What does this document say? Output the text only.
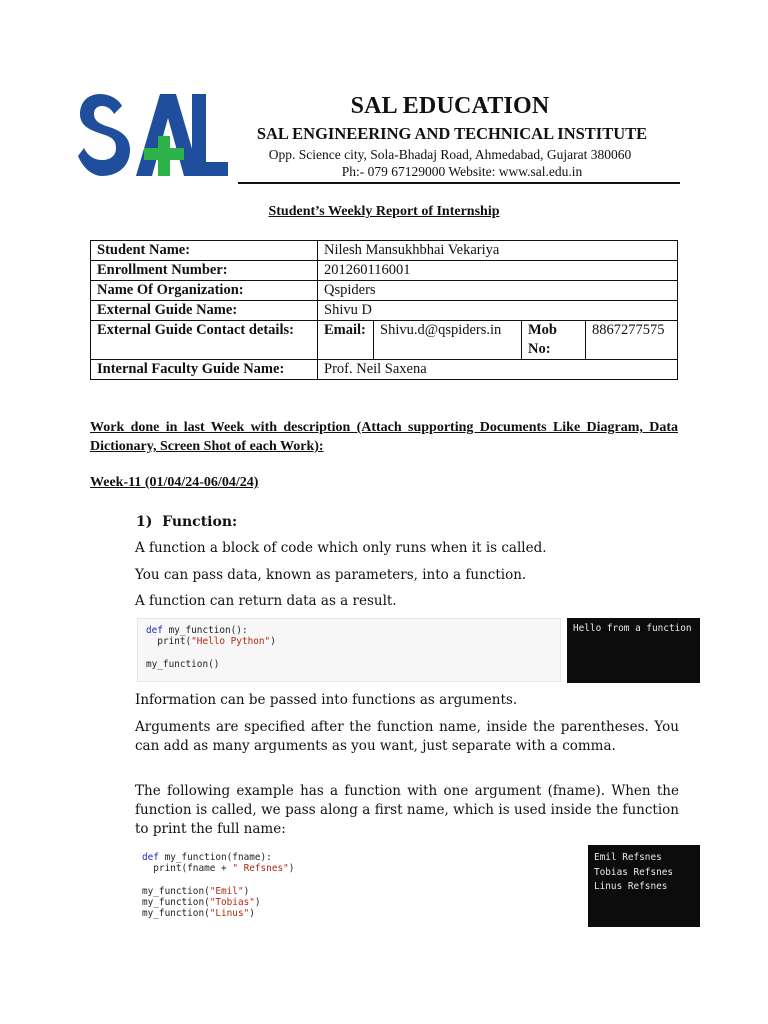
SAL EDUCATION
SAL ENGINEERING AND TECHNICAL INSTITUTE
Opp. Science city, Sola-Bhadaj Road, Ahmedabad, Gujarat 380060
Ph:- 079 67129000 Website: www.sal.edu.in
Student’s Weekly Report of Internship
Student Name:	Nilesh Mansukhbhai Vekariya			
Enrollment Number:	201260116001			
Name Of Organization:	Qspiders			
External Guide Name:	Shivu D			
External Guide Contact details:	Email:	Shivu.d@qspiders.in	Mob No:	8867277575
Internal Faculty Guide Name:	Prof. Neil Saxena			
Work done in last Week with description (Attach supporting Documents Like Diagram, Data Dictionary, Screen Shot of each Work):
Week-11 (01/04/24-06/04/24)
1) Function:
A function a block of code which only runs when it is called.
You can pass data, known as parameters, into a function.
A function can return data as a result.
def my_function():
print("Hello Python")

my_function()
Hello from a function
Information can be passed into functions as arguments.
Arguments are specified after the function name, inside the parentheses. You can add as many arguments as you want, just separate with a comma.
The following example has a function with one argument (fname). When the function is called, we pass along a first name, which is used inside the function to print the full name:
def my_function(fname):
print(fname + " Refsnes")

my_function("Emil")
my_function("Tobias")
my_function("Linus")
Emil Refsnes
Tobias Refsnes
Linus Refsnes
